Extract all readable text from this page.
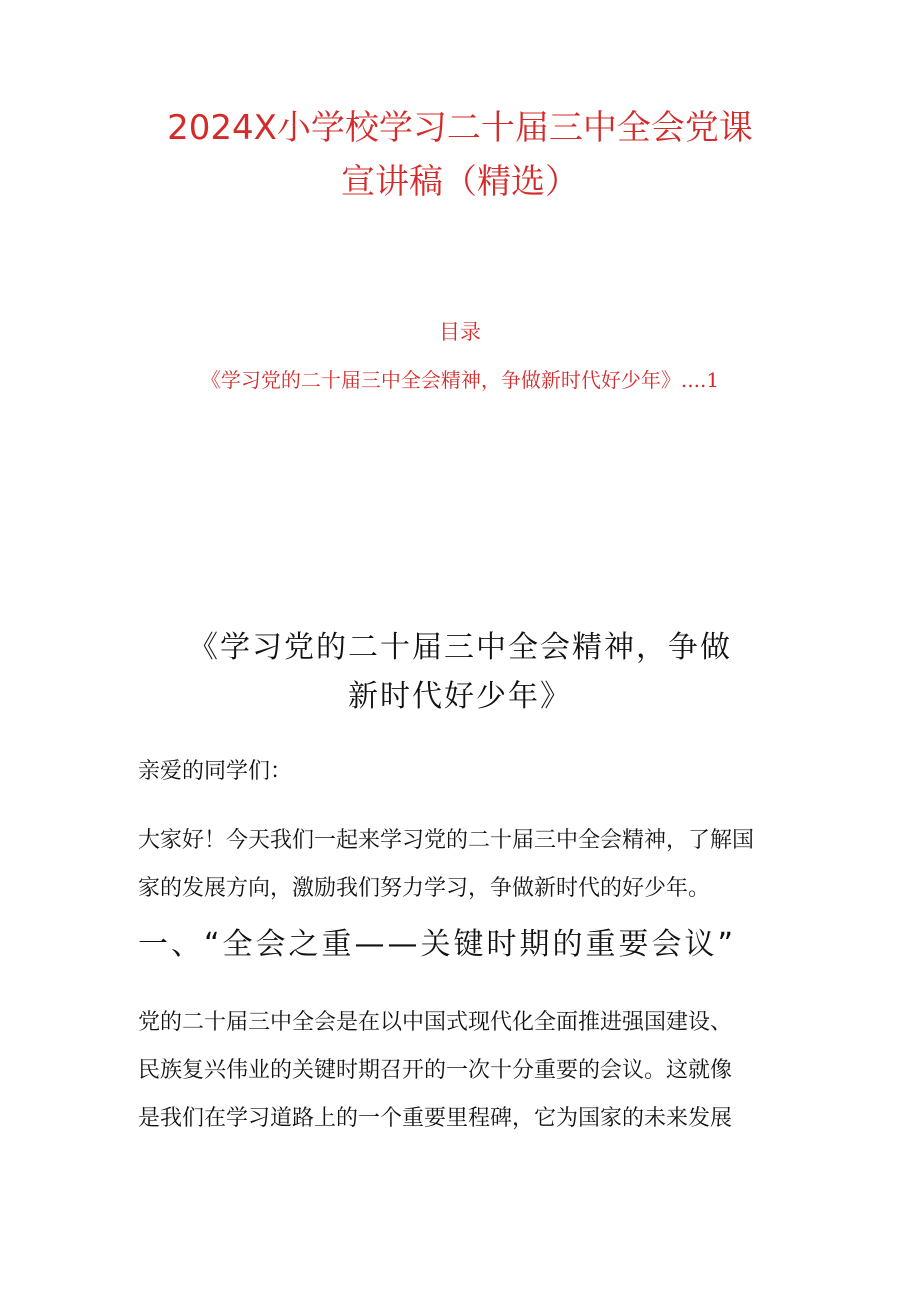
2024X小学校学习二十届三中全会党课
宣讲稿（精选）
目录
《学习党的二十届三中全会精神，争做新时代好少年》....1
《学习党的二十届三中全会精神，争做
新时代好少年》
亲爱的同学们：
大家好！今天我们一起来学习党的二十届三中全会精神，了解国
家的发展方向，激励我们努力学习，争做新时代的好少年。
一、“全会之重——关键时期的重要会议”
党的二十届三中全会是在以中国式现代化全面推进强国建设、
民族复兴伟业的关键时期召开的一次十分重要的会议。这就像
是我们在学习道路上的一个重要里程碑，它为国家的未来发展
